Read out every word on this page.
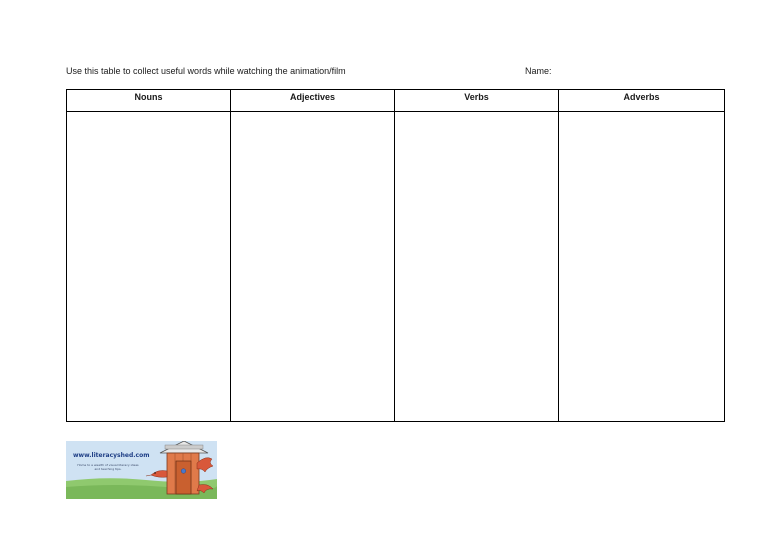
Use this table to collect useful words while watching the animation/film	Name:
Nouns	Adjectives	Verbs	Adverbs

www.literacyshed.com
Home to a wealth of visual literacy ideas and teaching tips.
